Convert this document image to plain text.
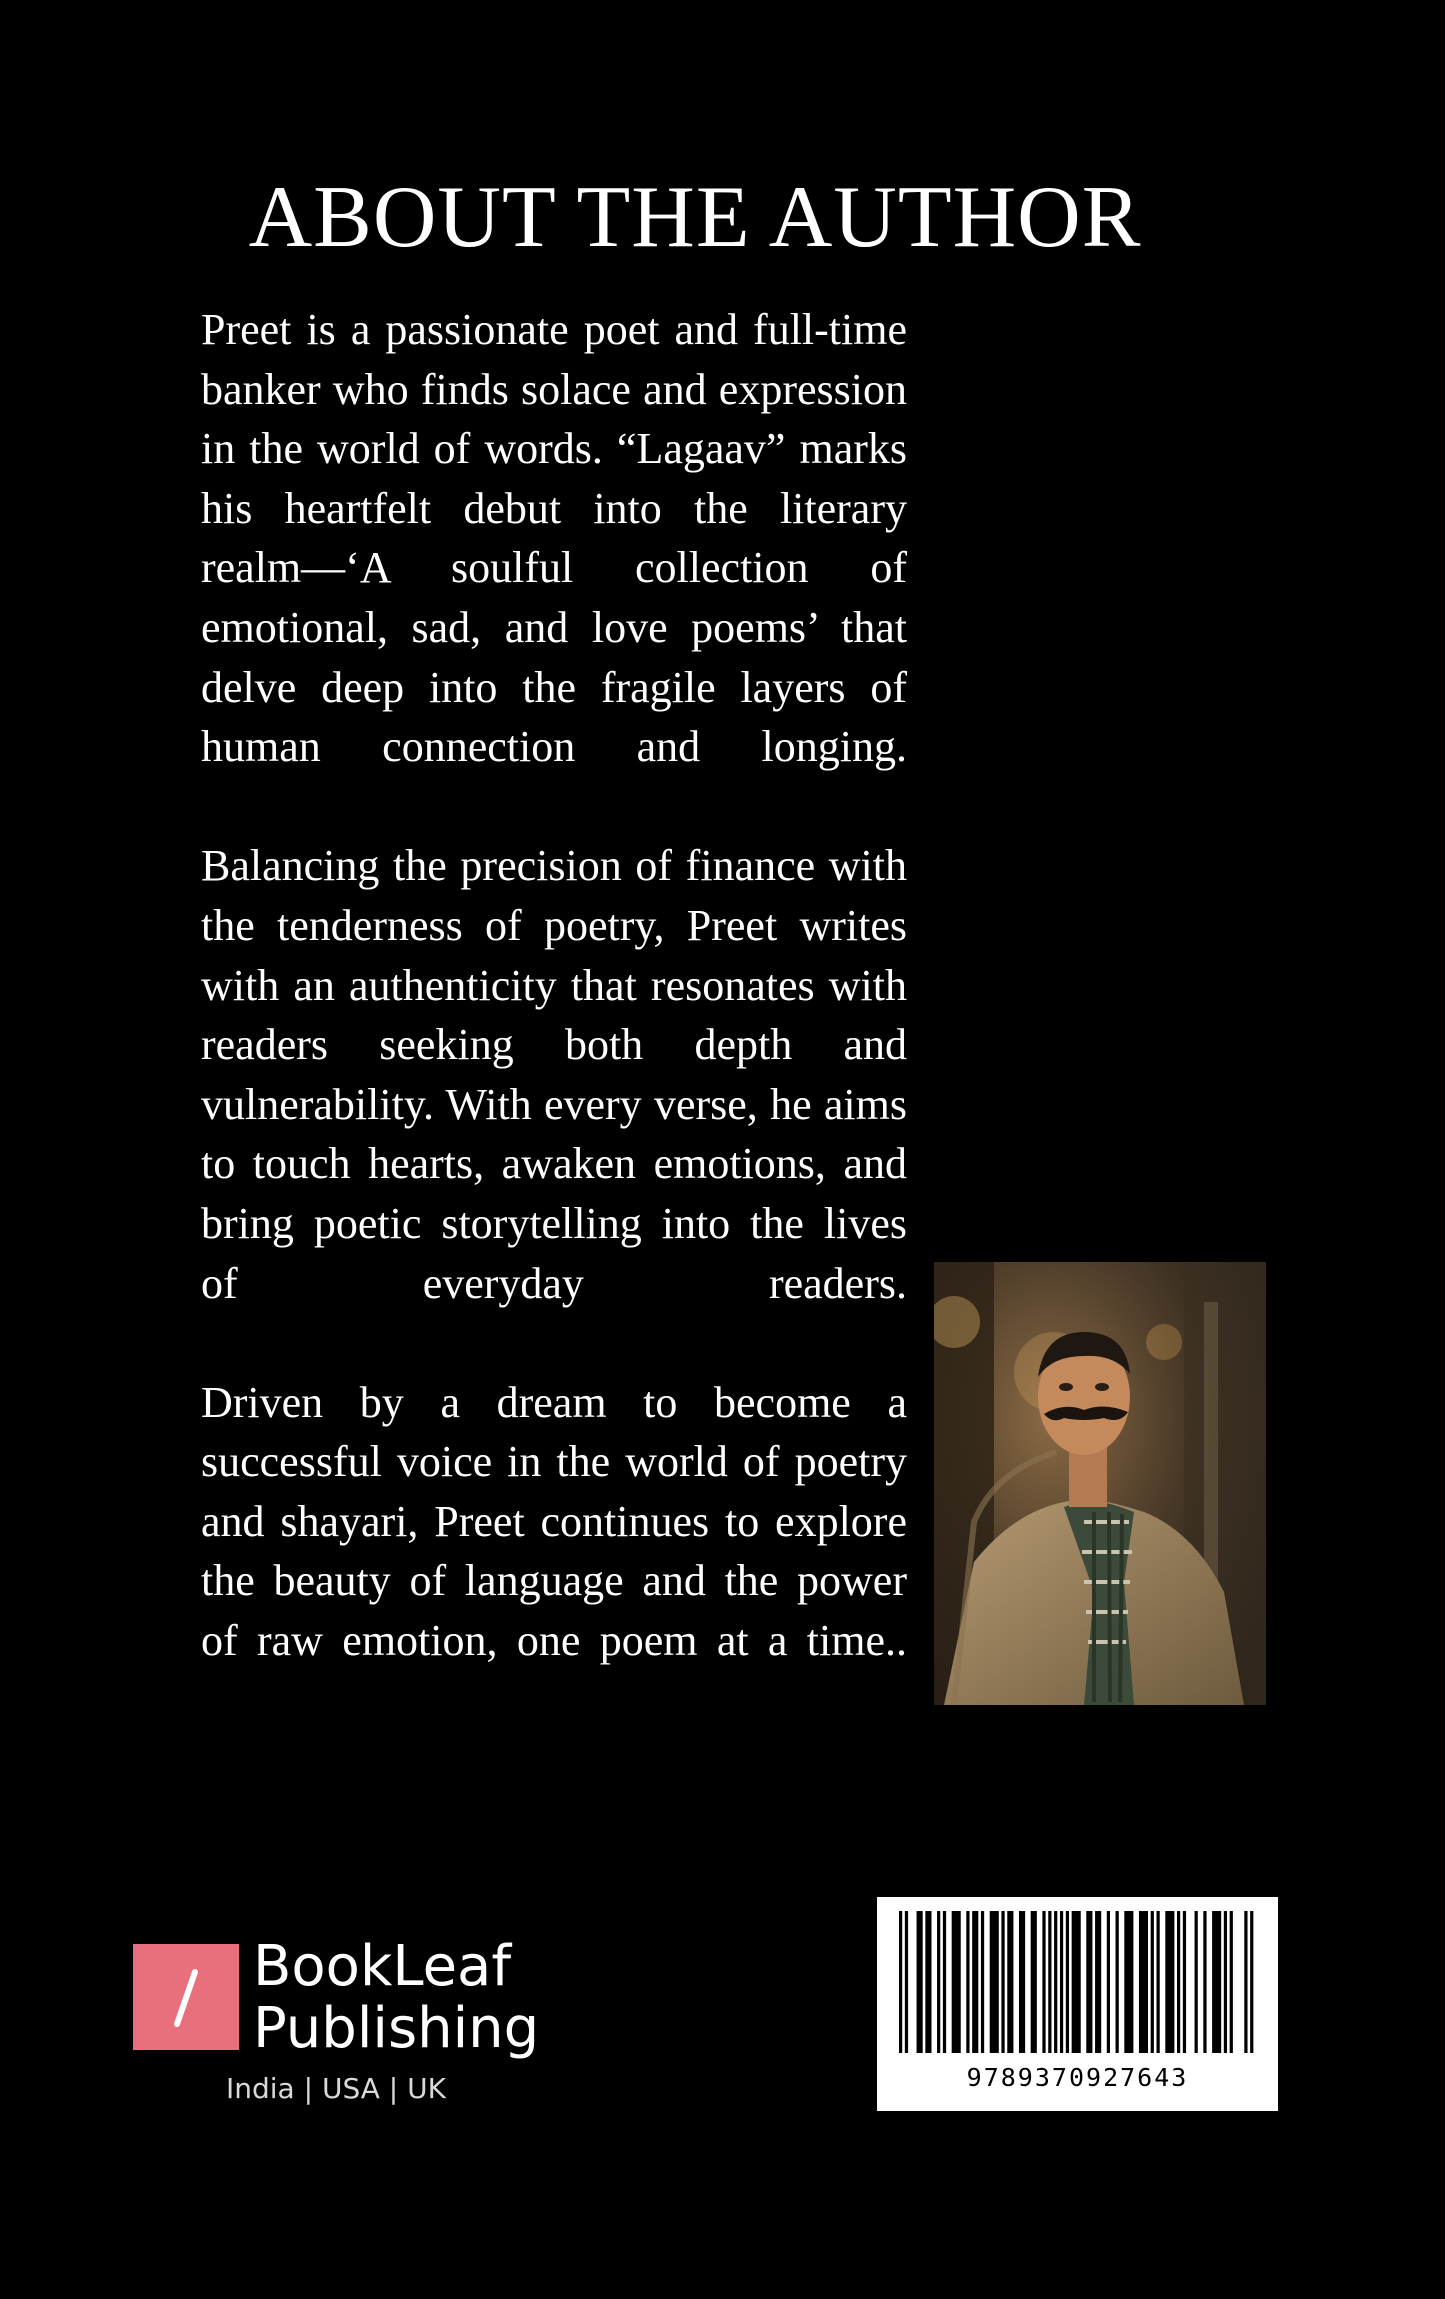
ABOUT THE AUTHOR

Preet is a passionate poet and full-time banker who finds solace and expression in the world of words. “Lagaav” marks his heartfelt debut into the literary realm—‘A soulful collection of emotional, sad, and love poems’ that delve deep into the fragile layers of human connection and longing.

Balancing the precision of finance with the tenderness of poetry, Preet writes with an authenticity that resonates with readers seeking both depth and vulnerability. With every verse, he aims to touch hearts, awaken emotions, and bring poetic storytelling into the lives of everyday readers.

Driven by a dream to become a successful voice in the world of poetry and shayari, Preet continues to explore the beauty of language and the power of raw emotion, one poem at a time..

BookLeaf
Publishing
India | USA | UK	9789370927643
